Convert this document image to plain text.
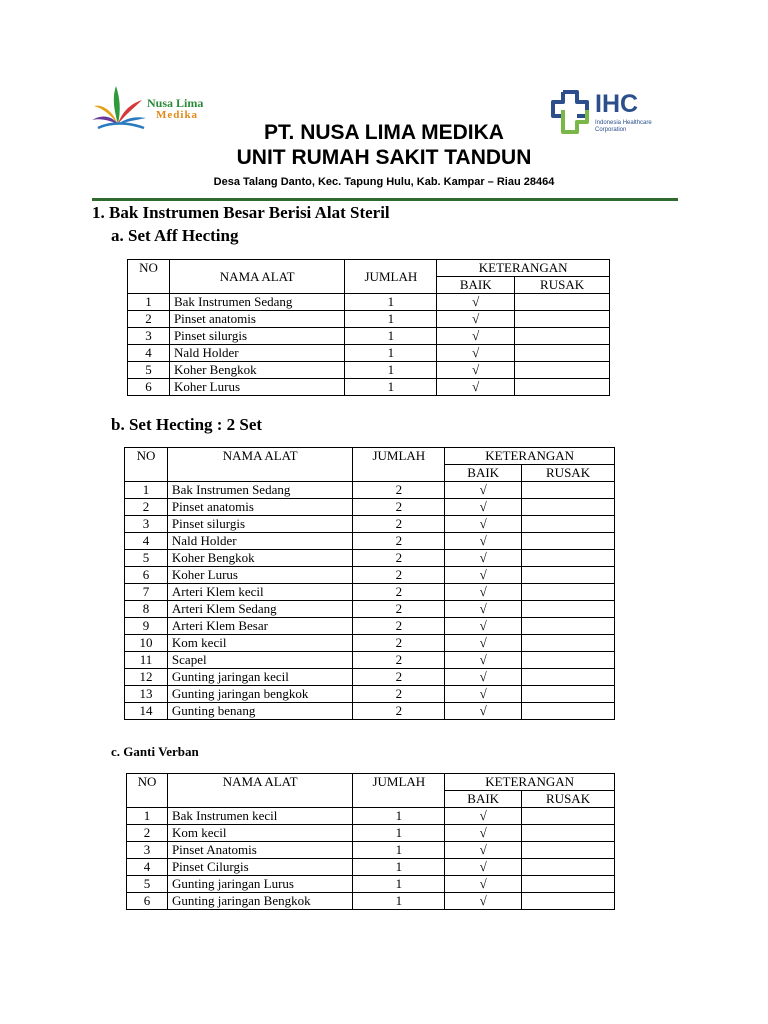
Nusa Lima
Medika	IHC
Indonesia Healthcare Corporation
PT. NUSA LIMA MEDIKA
UNIT RUMAH SAKIT TANDUN
Desa Talang Danto, Kec. Tapung Hulu, Kab. Kampar – Riau 28464
1. Bak Instrumen Besar Berisi Alat Steril
a. Set Aff Hecting
NO	NAMA ALAT	JUMLAH	KETERANGAN	
			BAIK	RUSAK
1	Bak Instrumen Sedang	1	√	
2	Pinset anatomis	1	√	
3	Pinset silurgis	1	√	
4	Nald Holder	1	√	
5	Koher Bengkok	1	√	
6	Koher Lurus	1	√	
b. Set Hecting : 2 Set
NO	NAMA ALAT	JUMLAH	KETERANGAN	
			BAIK	RUSAK
1	Bak Instrumen Sedang	2	√	
2	Pinset anatomis	2	√	
3	Pinset silurgis	2	√	
4	Nald Holder	2	√	
5	Koher Bengkok	2	√	
6	Koher Lurus	2	√	
7	Arteri Klem kecil	2	√	
8	Arteri Klem Sedang	2	√	
9	Arteri Klem Besar	2	√	
10	Kom kecil	2	√	
11	Scapel	2	√	
12	Gunting jaringan kecil	2	√	
13	Gunting jaringan bengkok	2	√	
14	Gunting benang	2	√	
c. Ganti Verban
NO	NAMA ALAT	JUMLAH	KETERANGAN	
			BAIK	RUSAK
1	Bak Instrumen kecil	1	√	
2	Kom kecil	1	√	
3	Pinset Anatomis	1	√	
4	Pinset Cilurgis	1	√	
5	Gunting jaringan Lurus	1	√	
6	Gunting jaringan Bengkok	1	√	
